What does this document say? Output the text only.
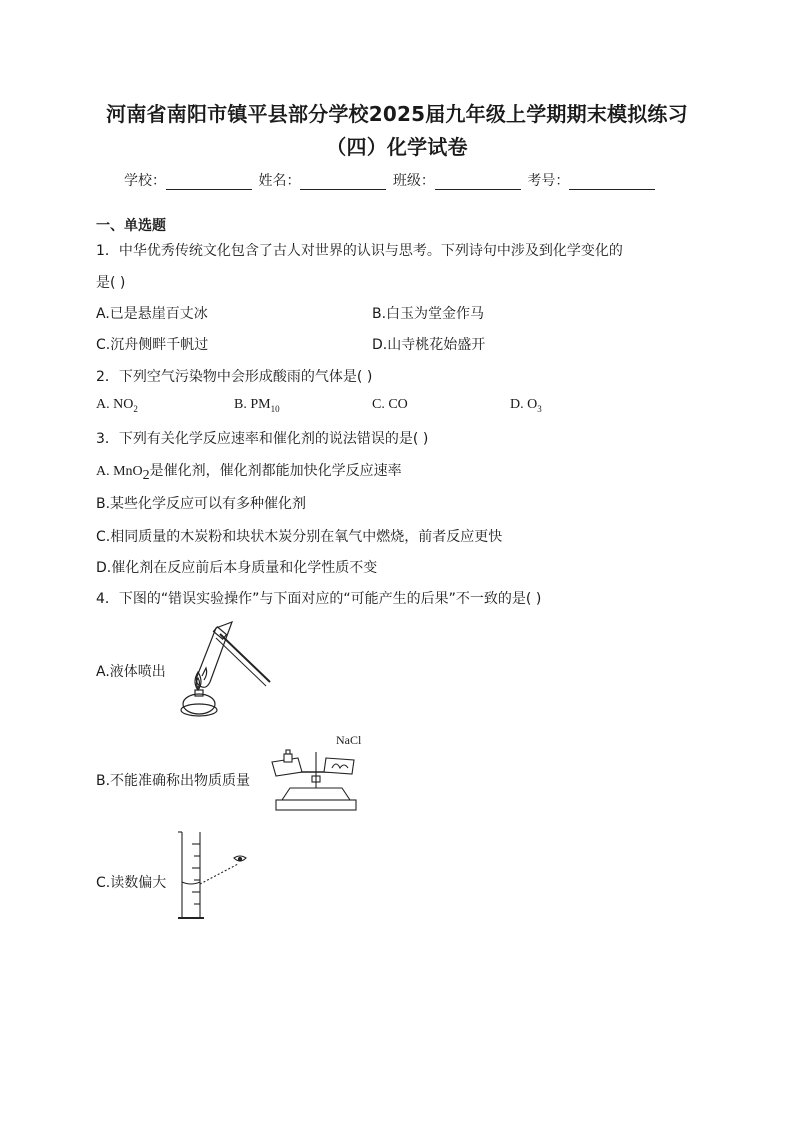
河南省南阳市镇平县部分学校2025届九年级上学期期末模拟练习（四）化学试卷
学校：	姓名：	班级：	考号：
一、单选题
1．中华优秀传统文化包含了古人对世界的认识与思考。下列诗句中涉及到化学变化的
是( )
A.已是悬崖百丈冰	B.白玉为堂金作马
C.沉舟侧畔千帆过	D.山寺桃花始盛开
2．下列空气污染物中会形成酸雨的气体是( )
A. $NO_2$	B. $PM_{10}$	C. CO	D. $O_3$
3．下列有关化学反应速率和催化剂的说法错误的是( )
A. MnO$_2$是催化剂，催化剂都能加快化学反应速率
B.某些化学反应可以有多种催化剂
C.相同质量的木炭粉和块状木炭分别在氧气中燃烧，前者反应更快
D.催化剂在反应前后本身质量和化学性质不变
4．下图的“错误实验操作”与下面对应的“可能产生的后果”不一致的是( )
A.液体喷出
B.不能准确称出物质质量
NaCl
C.读数偏大
